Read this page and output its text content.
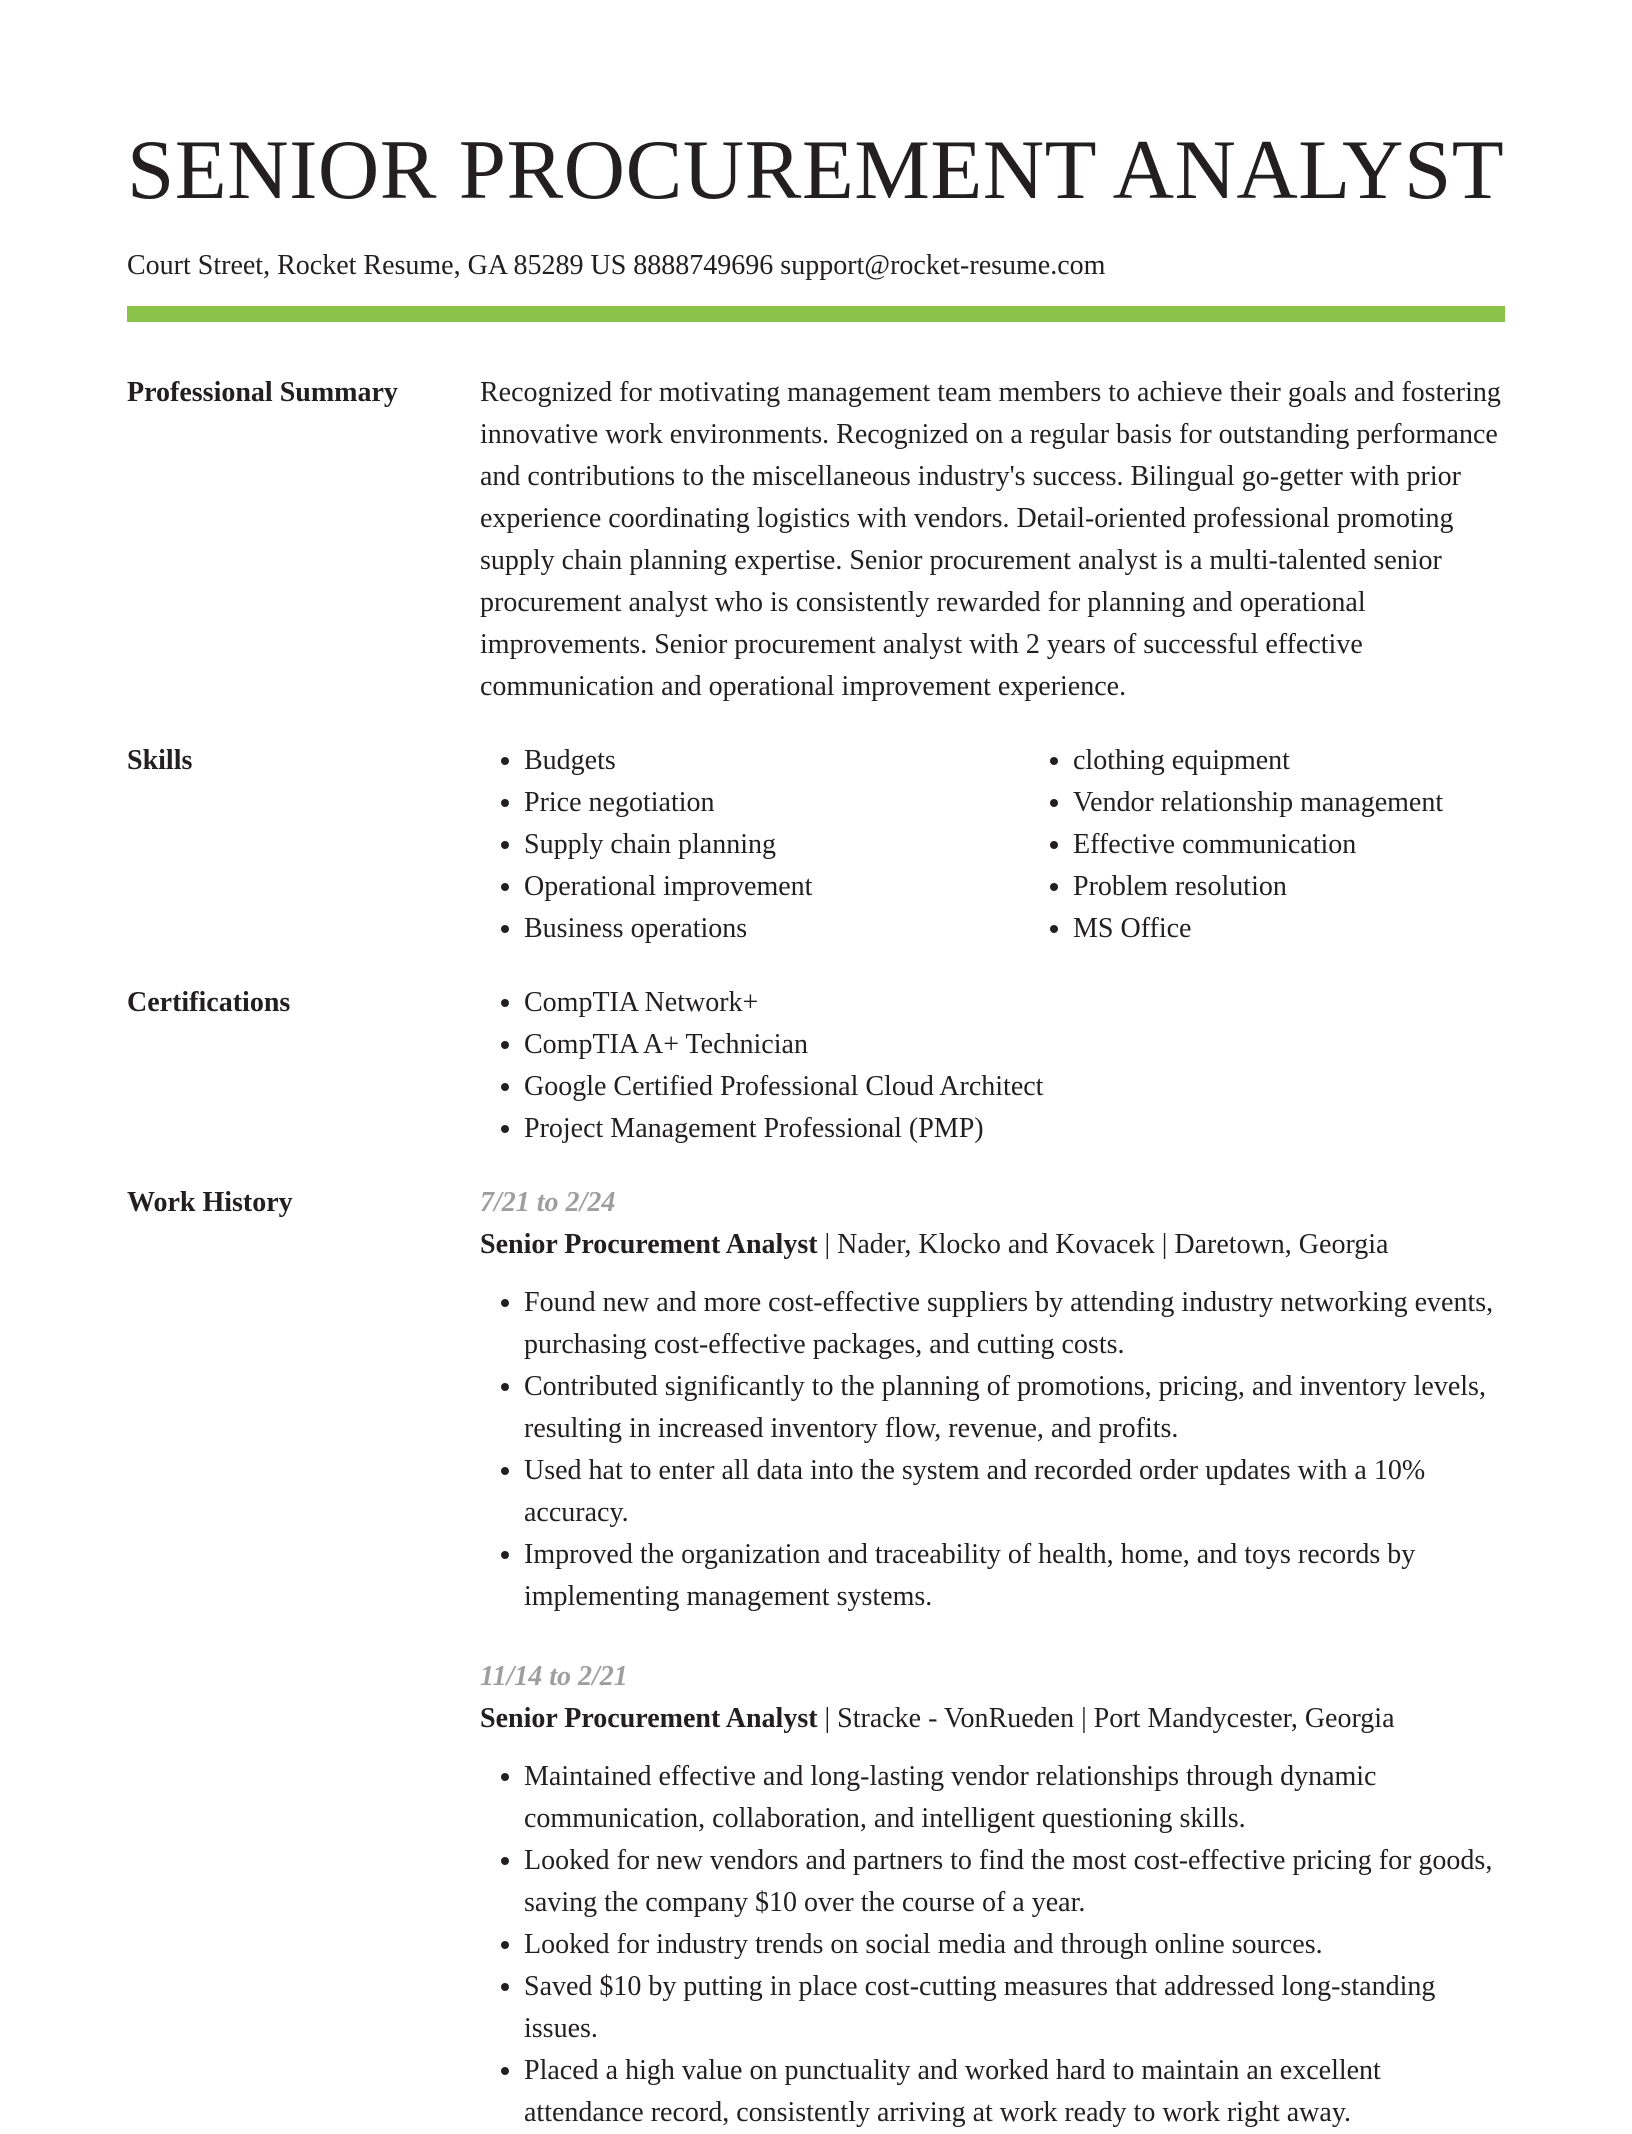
SENIOR PROCUREMENT ANALYST
Court Street, Rocket Resume, GA 85289 US 8888749696 support@rocket-resume.com
Professional Summary	Recognized for motivating management team members to achieve their goals and fostering innovative work environments. Recognized on a regular basis for outstanding performance and contributions to the miscellaneous industry's success. Bilingual go-getter with prior experience coordinating logistics with vendors. Detail-oriented professional promoting supply chain planning expertise. Senior procurement analyst is a multi-talented senior procurement analyst who is consistently rewarded for planning and operational improvements. Senior procurement analyst with 2 years of successful effective communication and operational improvement experience.

Skills	• Budgets
• Price negotiation
• Supply chain planning
• Operational improvement
• Business operations
• clothing equipment
• Vendor relationship management
• Effective communication
• Problem resolution
• MS Office
Certifications	• CompTIA Network+
• CompTIA A+ Technician
• Google Certified Professional Cloud Architect
• Project Management Professional (PMP)
Work History	7/21 to 2/24
Senior Procurement Analyst | Nader, Klocko and Kovacek | Daretown, Georgia
• Found new and more cost-effective suppliers by attending industry networking events, purchasing cost-effective packages, and cutting costs.
• Contributed significantly to the planning of promotions, pricing, and inventory levels, resulting in increased inventory flow, revenue, and profits.
• Used hat to enter all data into the system and recorded order updates with a 10% accuracy.
• Improved the organization and traceability of health, home, and toys records by implementing management systems.
11/14 to 2/21
Senior Procurement Analyst | Stracke - VonRueden | Port Mandycester, Georgia
• Maintained effective and long-lasting vendor relationships through dynamic communication, collaboration, and intelligent questioning skills.
• Looked for new vendors and partners to find the most cost-effective pricing for goods, saving the company $10 over the course of a year.
• Looked for industry trends on social media and through online sources.
• Saved $10 by putting in place cost-cutting measures that addressed long-standing issues.
• Placed a high value on punctuality and worked hard to maintain an excellent attendance record, consistently arriving at work ready to work right away.
